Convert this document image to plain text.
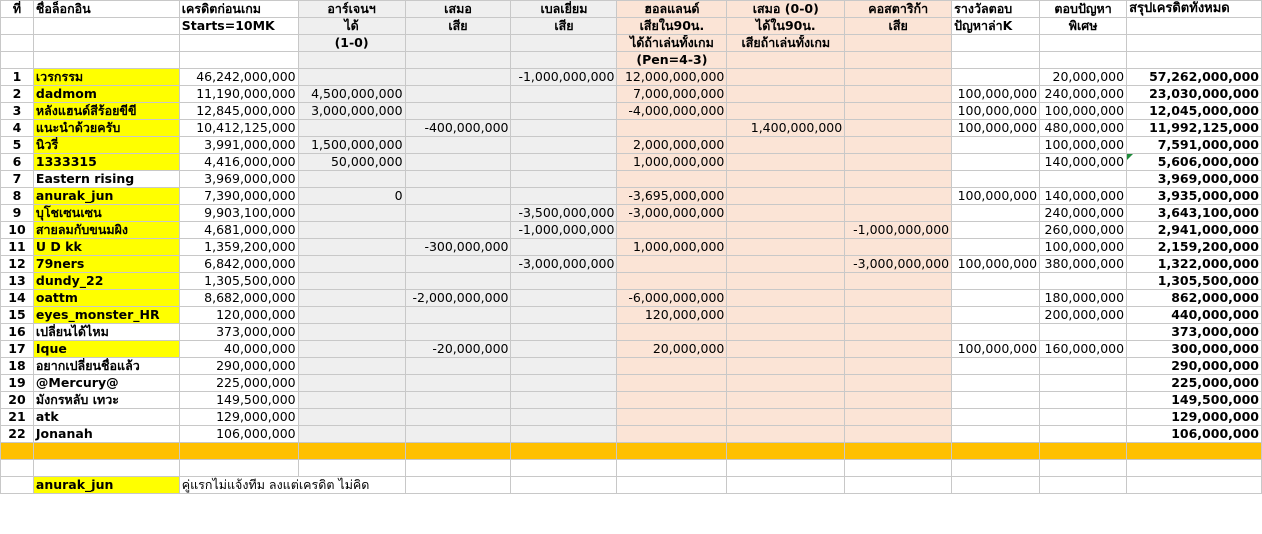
ที่	ชื่อล็อกอิน	เครดิตก่อนเกม	อาร์เจนฯ	เสมอ	เบลเยี่ยม	ฮอลแลนด์	เสมอ (0-0)	คอสตาริก้า	รางวัลตอบ	ตอบปัญหา	สรุปเครดิตทั้งหมด
		Starts=10MK	ได้	เสีย	เสีย	เสียใน90น.	ได้ใน90น.	เสีย	ปัญหาล่าK	พิเศษ	
			(1-0)			ได้ถ้าเล่นทั้งเกม	เสียถ้าเล่นทั้งเกม				
						(Pen=4-3)					
1	เวรกรรม	46,242,000,000			-1,000,000,000	12,000,000,000				20,000,000	57,262,000,000
2	dadmom	11,190,000,000	4,500,000,000			7,000,000,000			100,000,000	240,000,000	23,030,000,000
3	หลังแฮนด์สีร้อยขีขี	12,845,000,000	3,000,000,000			-4,000,000,000			100,000,000	100,000,000	12,045,000,000
4	แนะนำด้วยครับ	10,412,125,000		-400,000,000			1,400,000,000		100,000,000	480,000,000	11,992,125,000
5	นิวรี่	3,991,000,000	1,500,000,000			2,000,000,000				100,000,000	7,591,000,000
6	1333315	4,416,000,000	50,000,000			1,000,000,000				140,000,000	5,606,000,000
7	Eastern rising	3,969,000,000									3,969,000,000
8	anurak_jun	7,390,000,000	0			-3,695,000,000			100,000,000	140,000,000	3,935,000,000
9	บุโชเซนเซน	9,903,100,000			-3,500,000,000	-3,000,000,000				240,000,000	3,643,100,000
10	สายลมกับขนมผิง	4,681,000,000			-1,000,000,000			-1,000,000,000		260,000,000	2,941,000,000
11	U D kk	1,359,200,000		-300,000,000		1,000,000,000				100,000,000	2,159,200,000
12	79ners	6,842,000,000			-3,000,000,000			-3,000,000,000	100,000,000	380,000,000	1,322,000,000
13	dundy_22	1,305,500,000									1,305,500,000
14	oattm	8,682,000,000		-2,000,000,000		-6,000,000,000				180,000,000	862,000,000
15	eyes_monster_HR	120,000,000				120,000,000				200,000,000	440,000,000
16	เปลี่ยนได้ไหม	373,000,000									373,000,000
17	Ique	40,000,000		-20,000,000		20,000,000			100,000,000	160,000,000	300,000,000
18	อยากเปลี่ยนชื่อแล้ว	290,000,000									290,000,000
19	@Mercury@	225,000,000									225,000,000
20	มังกรหลับ เทวะ	149,500,000									149,500,000
21	atk	129,000,000									129,000,000
22	Jonanah	106,000,000									106,000,000

	anurak_jun	คู่แรกไม่แจ้งทีม ลงแต่เครดิต ไม่คิด									
